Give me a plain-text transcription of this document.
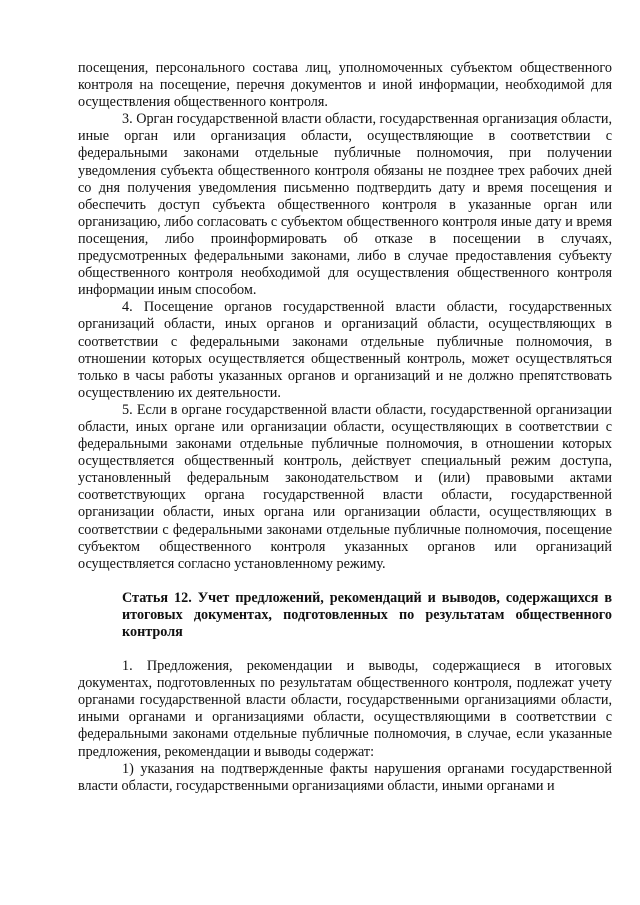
посещения, персонального состава лиц, уполномоченных субъектом общественного контроля на посещение, перечня документов и иной информации, необходимой для осуществления общественного контроля.

3. Орган государственной власти области, государственная организация области, иные орган или организация области, осуществляющие в соответствии с федеральными законами отдельные публичные полномочия, при получении уведомления субъекта общественного контроля обязаны не позднее трех рабочих дней со дня получения уведомления письменно подтвердить дату и время посещения и обеспечить доступ субъекта общественного контроля в указанные орган или организацию, либо согласовать с субъектом общественного контроля иные дату и время посещения, либо проинформировать об отказе в посещении в случаях, предусмотренных федеральными законами, либо в случае предоставления субъекту общественного контроля необходимой для осуществления общественного контроля информации иным способом.

4. Посещение органов государственной власти области, государственных организаций области, иных органов и организаций области, осуществляющих в соответствии с федеральными законами отдельные публичные полномочия, в отношении которых осуществляется общественный контроль, может осуществляться только в часы работы указанных органов и организаций и не должно препятствовать осуществлению их деятельности.

5. Если в органе государственной власти области, государственной организации области, иных органе или организации области, осуществляющих в соответствии с федеральными законами отдельные публичные полномочия, в отношении которых осуществляется общественный контроль, действует специальный режим доступа, установленный федеральным законодательством и (или) правовыми актами соответствующих органа государственной власти области, государственной организации области, иных органа или организации области, осуществляющих в соответствии с федеральными законами отдельные публичные полномочия, посещение субъектом общественного контроля указанных органов или организаций осуществляется согласно установленному режиму.

Статья 12. Учет предложений, рекомендаций и выводов, содержащихся в итоговых документах, подготовленных по результатам общественного контроля

1. Предложения, рекомендации и выводы, содержащиеся в итоговых документах, подготовленных по результатам общественного контроля, подлежат учету органами государственной власти области, государственными организациями области, иными органами и организациями области, осуществляющими в соответствии с федеральными законами отдельные публичные полномочия, в случае, если указанные предложения, рекомендации и выводы содержат:

1) указания на подтвержденные факты нарушения органами государственной власти области, государственными организациями области, иными органами и
